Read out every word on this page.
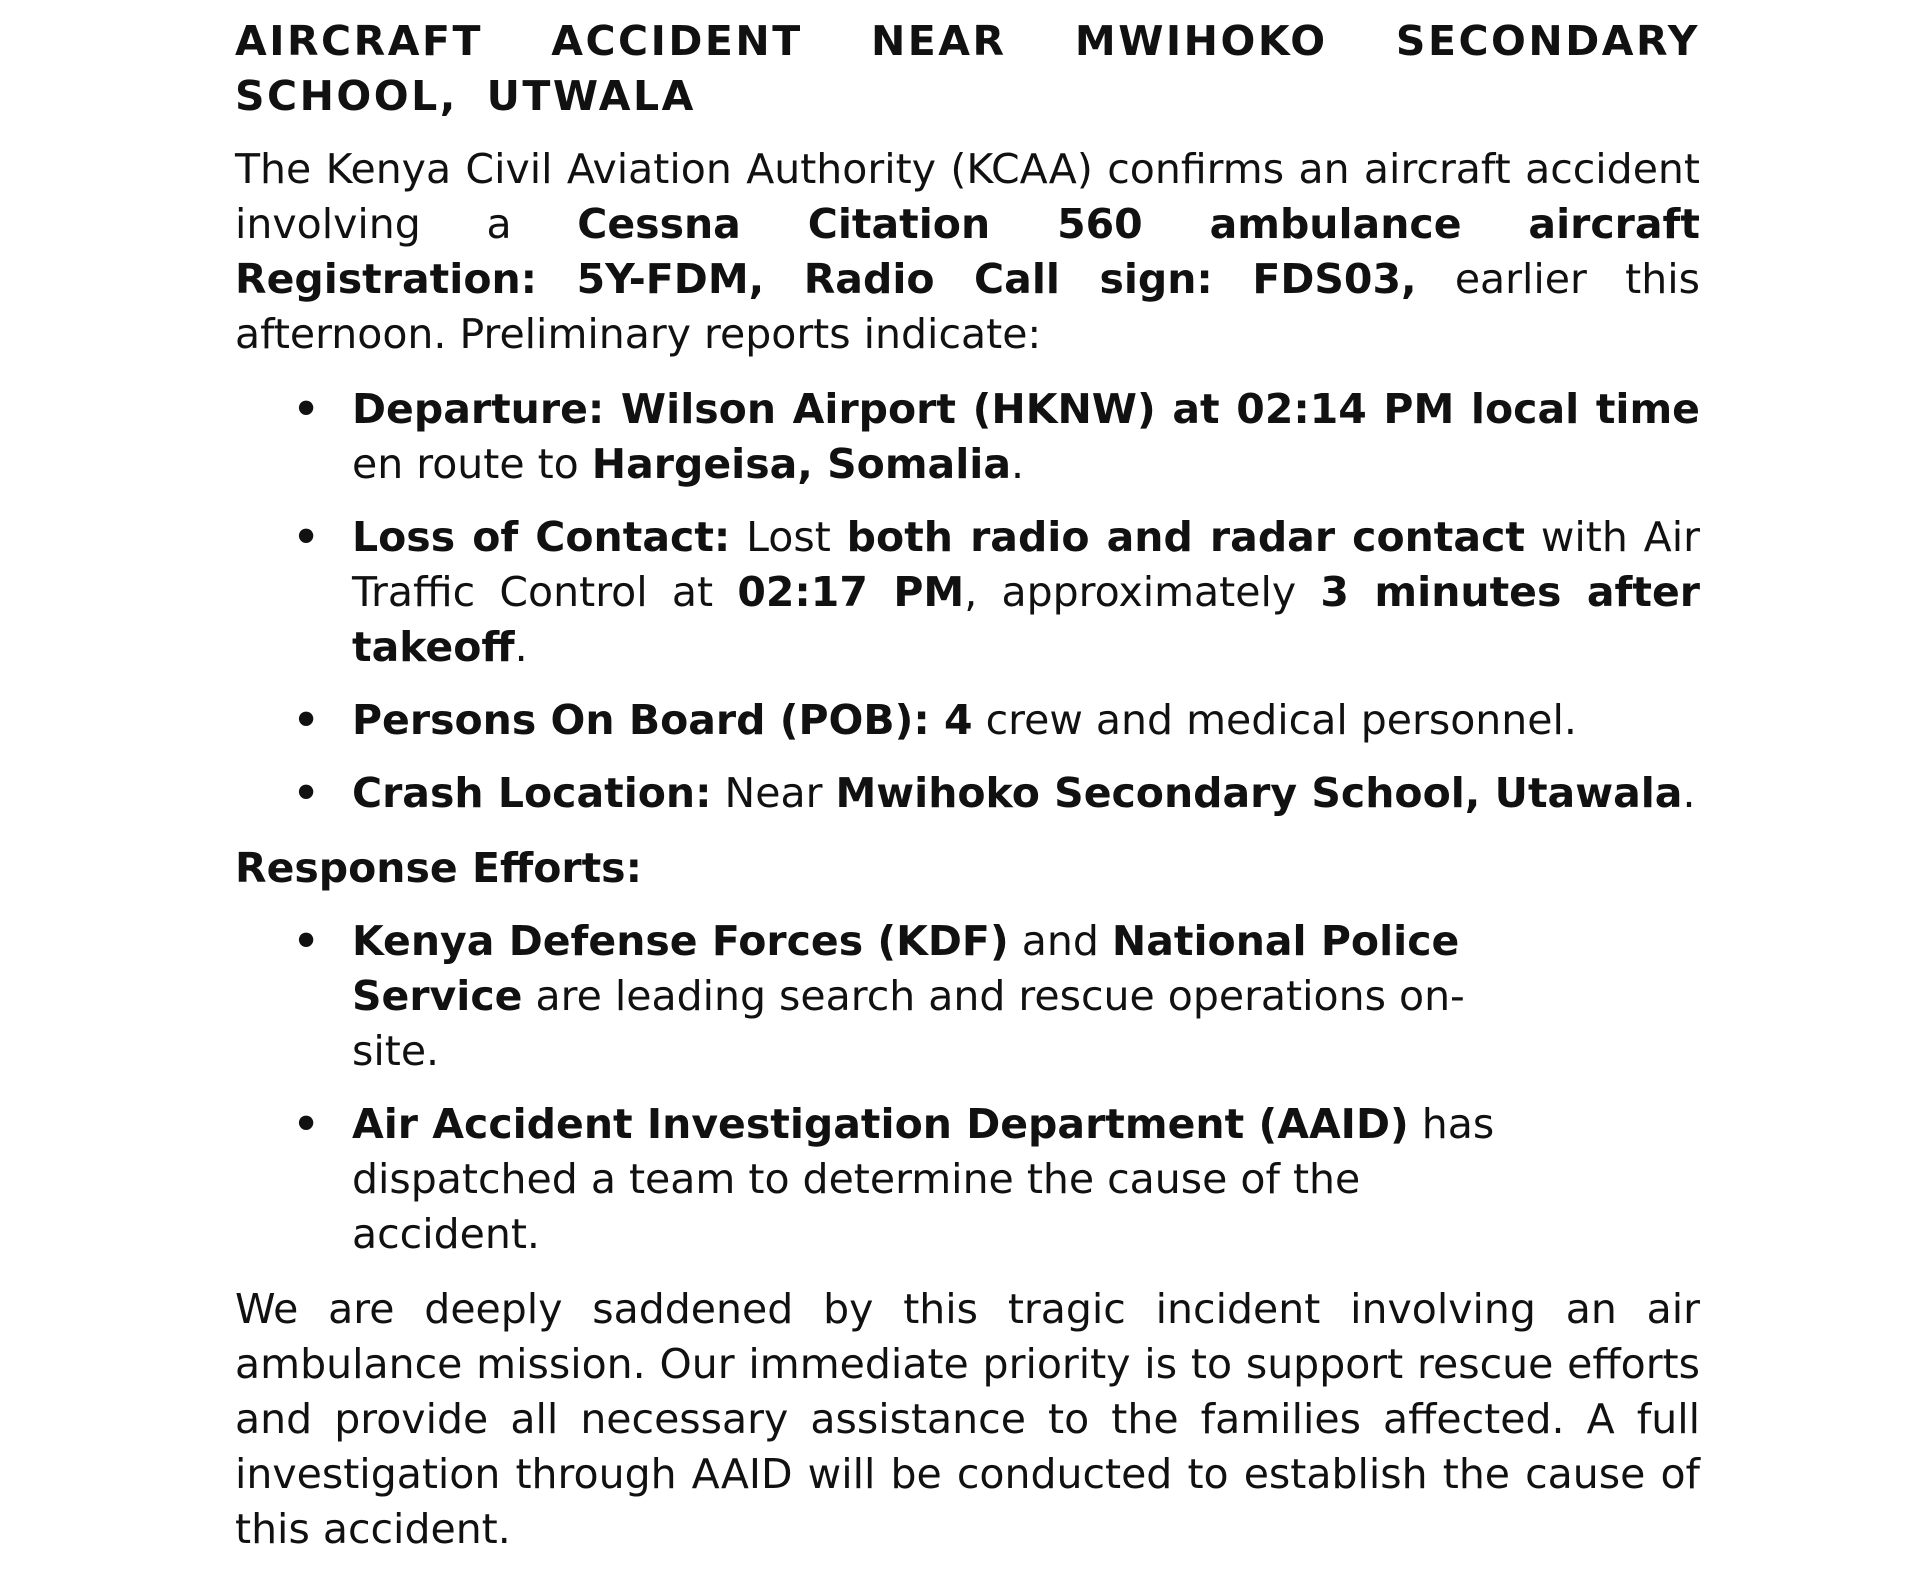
AIRCRAFT ACCIDENT NEAR MWIHOKO SECONDARY SCHOOL, UTWALA

The Kenya Civil Aviation Authority (KCAA) confirms an aircraft accident involving a Cessna Citation 560 ambulance aircraft Registration: 5Y-FDM, Radio Call sign: FDS03, earlier this afternoon. Preliminary reports indicate:

• Departure: Wilson Airport (HKNW) at 02:14 PM local time en route to Hargeisa, Somalia.
• Loss of Contact: Lost both radio and radar contact with Air Traffic Control at 02:17 PM, approximately 3 minutes after takeoff.
• Persons On Board (POB): 4 crew and medical personnel.
• Crash Location: Near Mwihoko Secondary School, Utawala.
Response Efforts:
• Kenya Defense Forces (KDF) and National Police Service are leading search and rescue operations on-site.
• Air Accident Investigation Department (AAID) has dispatched a team to determine the cause of the accident.

We are deeply saddened by this tragic incident involving an air ambulance mission. Our immediate priority is to support rescue efforts and provide all necessary assistance to the families affected. A full investigation through AAID will be conducted to establish the cause of this accident.
